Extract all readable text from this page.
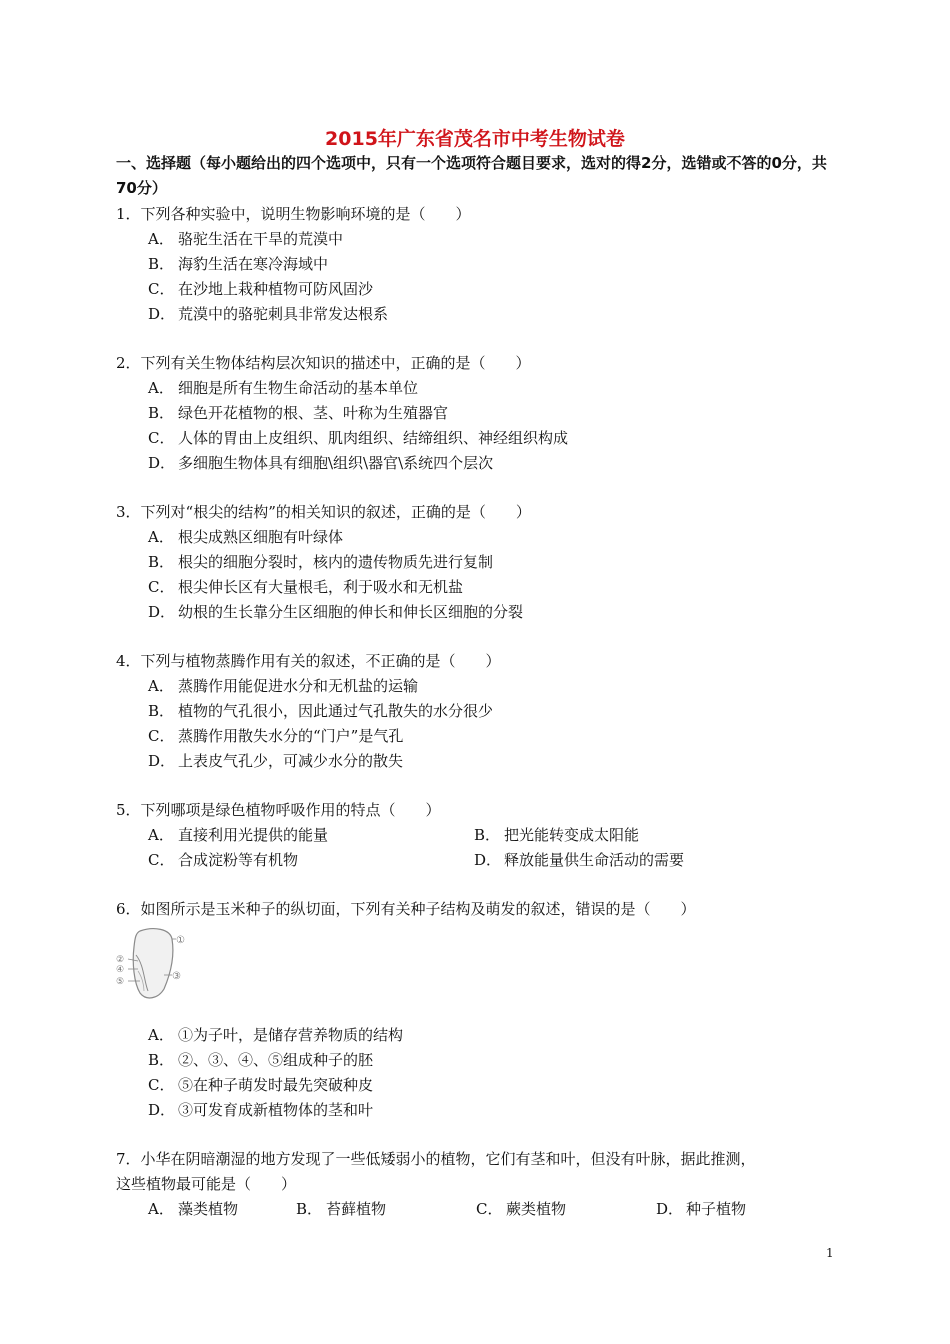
2015年广东省茂名市中考生物试卷
一、选择题（每小题给出的四个选项中，只有一个选项符合题目要求，选对的得2分，选错或不答的0分，共70分）
1．下列各种实验中，说明生物影响环境的是（　　）
A． 骆驼生活在干旱的荒漠中
B． 海豹生活在寒冷海域中
C． 在沙地上栽种植物可防风固沙
D． 荒漠中的骆驼刺具非常发达根系
2．下列有关生物体结构层次知识的描述中，正确的是（　　）
A． 细胞是所有生物生命活动的基本单位
B． 绿色开花植物的根、茎、叶称为生殖器官
C． 人体的胃由上皮组织、肌肉组织、结缔组织、神经组织构成
D． 多细胞生物体具有细胞\组织\器官\系统四个层次
3．下列对“根尖的结构”的相关知识的叙述，正确的是（　　）
A． 根尖成熟区细胞有叶绿体
B． 根尖的细胞分裂时，核内的遗传物质先进行复制
C． 根尖伸长区有大量根毛，利于吸水和无机盐
D． 幼根的生长靠分生区细胞的伸长和伸长区细胞的分裂
4．下列与植物蒸腾作用有关的叙述，不正确的是（　　）
A． 蒸腾作用能促进水分和无机盐的运输
B． 植物的气孔很小，因此通过气孔散失的水分很少
C． 蒸腾作用散失水分的“门户”是气孔
D． 上表皮气孔少，可减少水分的散失
5．下列哪项是绿色植物呼吸作用的特点（　　）
A． 直接利用光提供的能量	B． 把光能转变成太阳能
C． 合成淀粉等有机物	D． 释放能量供生命活动的需要
6．如图所示是玉米种子的纵切面，下列有关种子结构及萌发的叙述，错误的是（　　）
①
②
③
④
⑤
A． ①为子叶，是储存营养物质的结构
B． ②、③、④、⑤组成种子的胚
C． ⑤在种子萌发时最先突破种皮
D． ③可发育成新植物体的茎和叶
7．小华在阴暗潮湿的地方发现了一些低矮弱小的植物，它们有茎和叶，但没有叶脉，据此推测，
这些植物最可能是（　　）
A． 藻类植物	B． 苔藓植物	C． 蕨类植物	D． 种子植物
1
